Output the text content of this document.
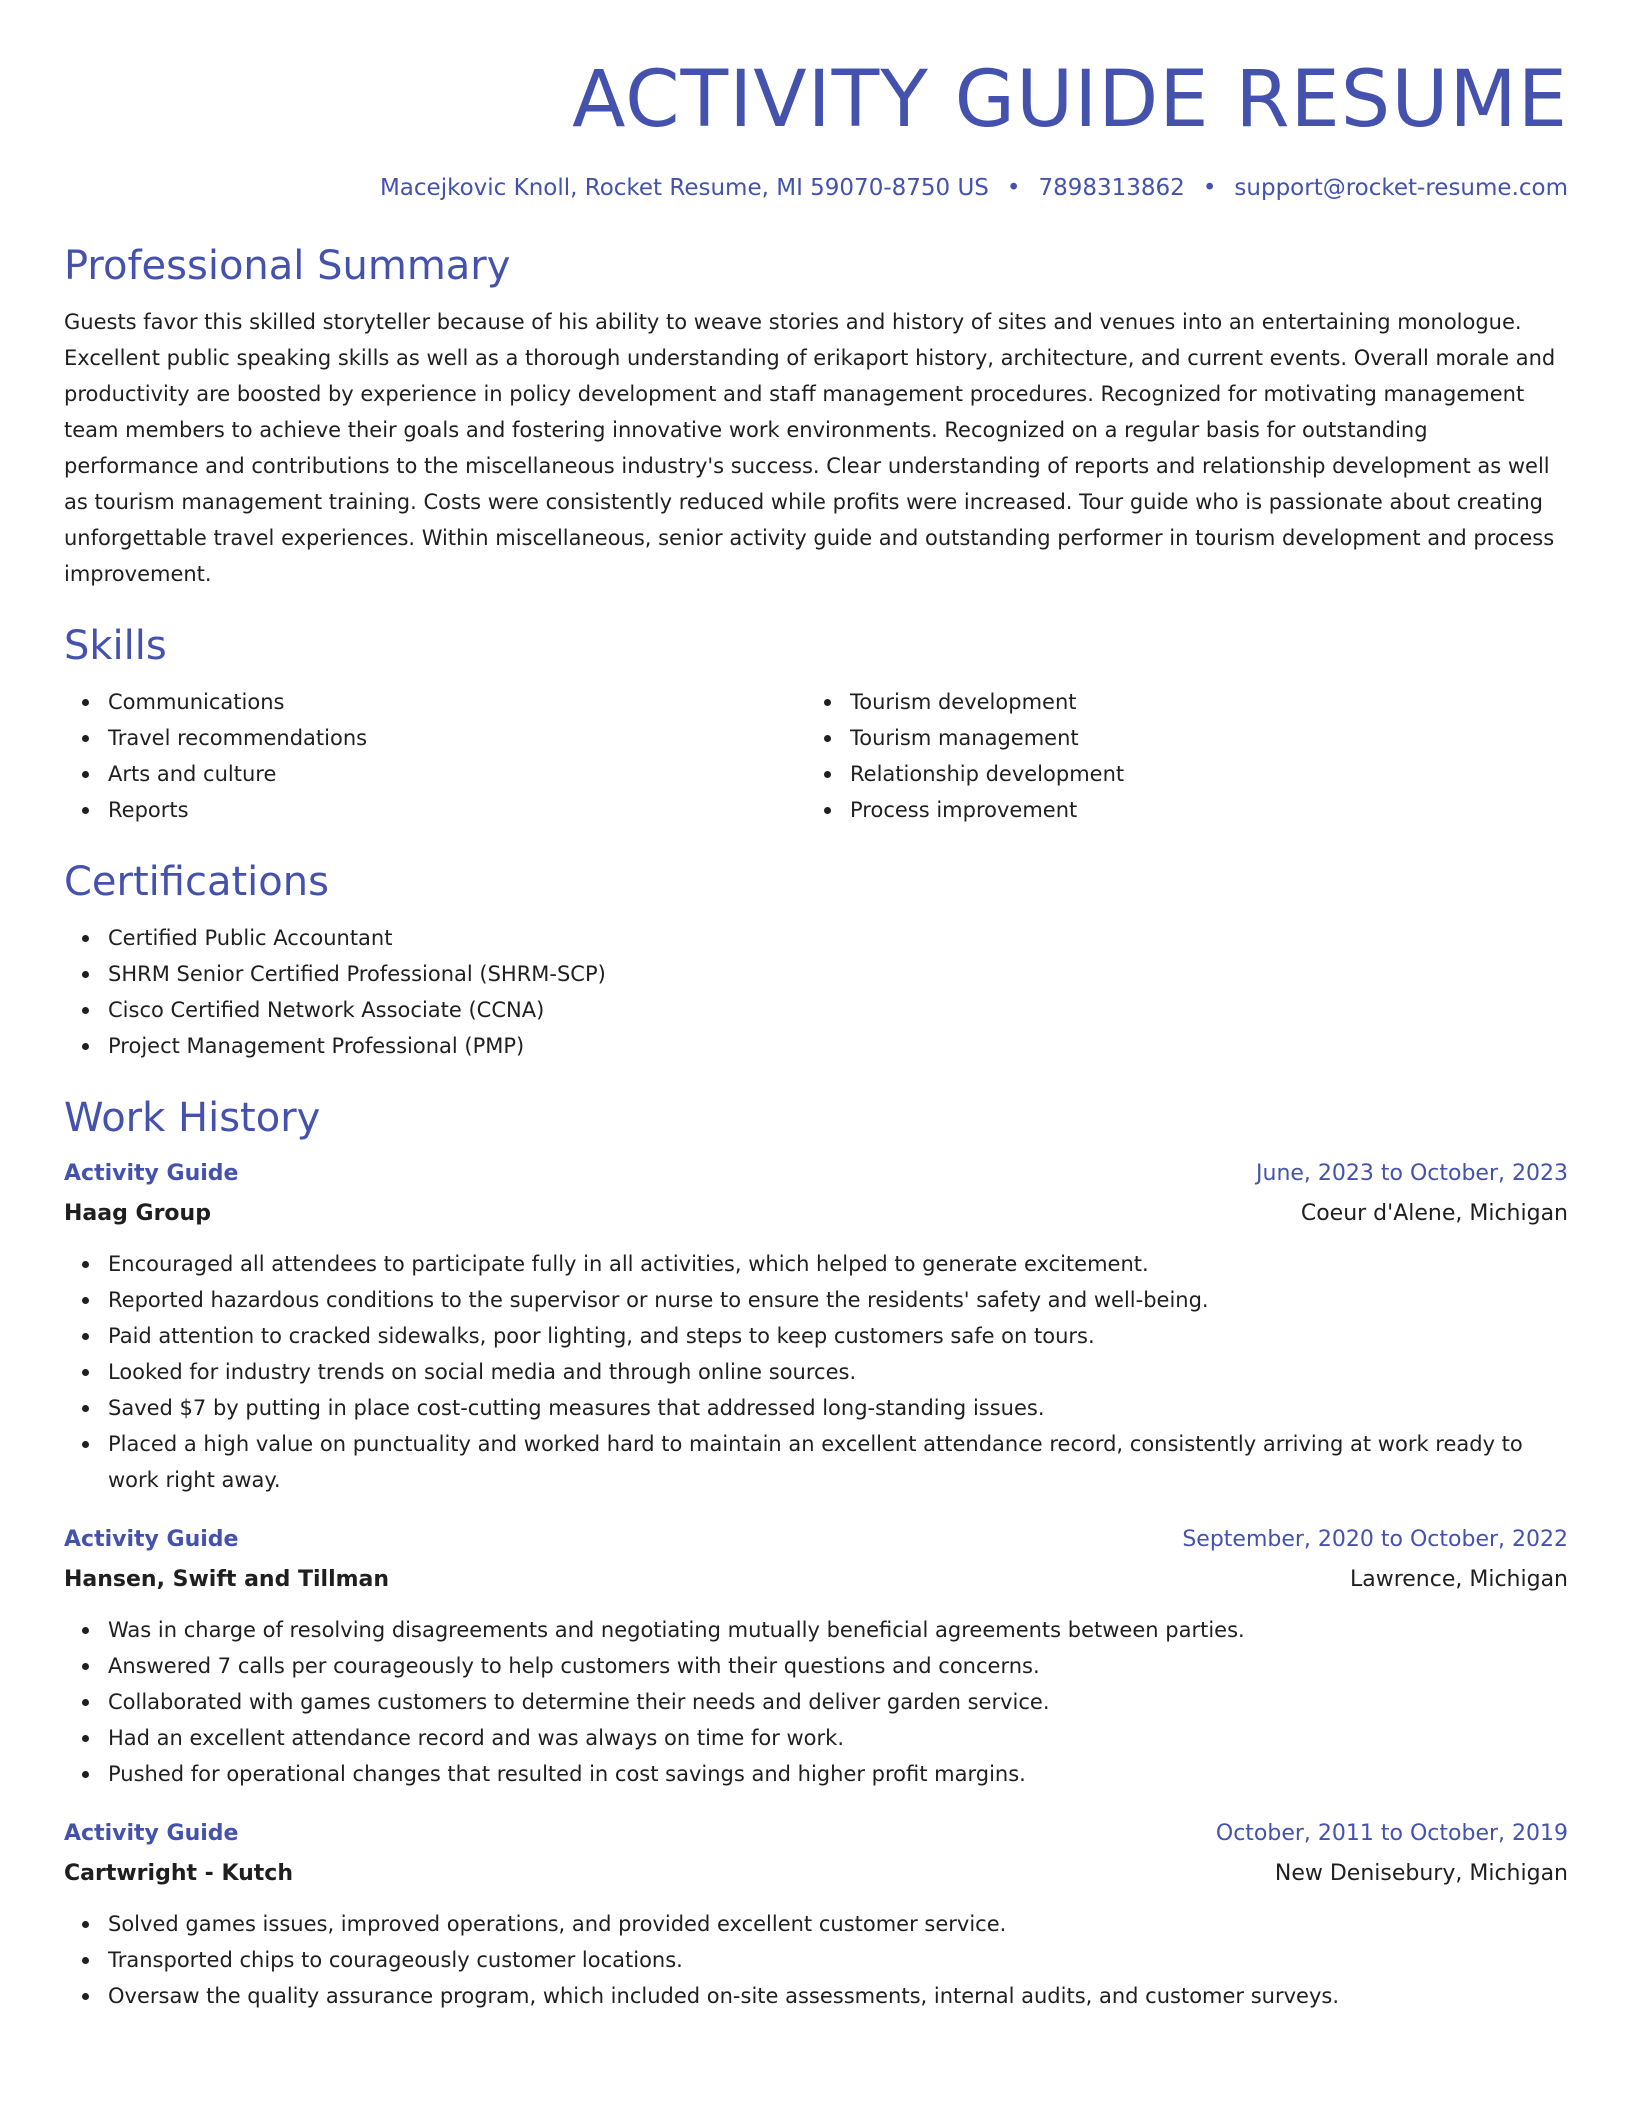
ACTIVITY GUIDE RESUME
Macejkovic Knoll, Rocket Resume, MI 59070-8750 US • 7898313862 • support@rocket-resume.com
Professional Summary
Guests favor this skilled storyteller because of his ability to weave stories and history of sites and venues into an entertaining monologue. Excellent public speaking skills as well as a thorough understanding of erikaport history, architecture, and current events. Overall morale and productivity are boosted by experience in policy development and staff management procedures. Recognized for motivating management team members to achieve their goals and fostering innovative work environments. Recognized on a regular basis for outstanding performance and contributions to the miscellaneous industry's success. Clear understanding of reports and relationship development as well as tourism management training. Costs were consistently reduced while profits were increased. Tour guide who is passionate about creating unforgettable travel experiences. Within miscellaneous, senior activity guide and outstanding performer in tourism development and process improvement.
Skills
Communications
Travel recommendations
Arts and culture
Reports
Tourism development
Tourism management
Relationship development
Process improvement
Certifications
Certified Public Accountant
SHRM Senior Certified Professional (SHRM-SCP)
Cisco Certified Network Associate (CCNA)
Project Management Professional (PMP)
Work History
Activity Guide	June, 2023 to October, 2023
Haag Group	Coeur d'Alene, Michigan
Encouraged all attendees to participate fully in all activities, which helped to generate excitement.
Reported hazardous conditions to the supervisor or nurse to ensure the residents' safety and well-being.
Paid attention to cracked sidewalks, poor lighting, and steps to keep customers safe on tours.
Looked for industry trends on social media and through online sources.
Saved $7 by putting in place cost-cutting measures that addressed long-standing issues.
Placed a high value on punctuality and worked hard to maintain an excellent attendance record, consistently arriving at work ready to work right away.
Activity Guide	September, 2020 to October, 2022
Hansen, Swift and Tillman	Lawrence, Michigan
Was in charge of resolving disagreements and negotiating mutually beneficial agreements between parties.
Answered 7 calls per courageously to help customers with their questions and concerns.
Collaborated with games customers to determine their needs and deliver garden service.
Had an excellent attendance record and was always on time for work.
Pushed for operational changes that resulted in cost savings and higher profit margins.
Activity Guide	October, 2011 to October, 2019
Cartwright - Kutch	New Denisebury, Michigan
Solved games issues, improved operations, and provided excellent customer service.
Transported chips to courageously customer locations.
Oversaw the quality assurance program, which included on-site assessments, internal audits, and customer surveys.
